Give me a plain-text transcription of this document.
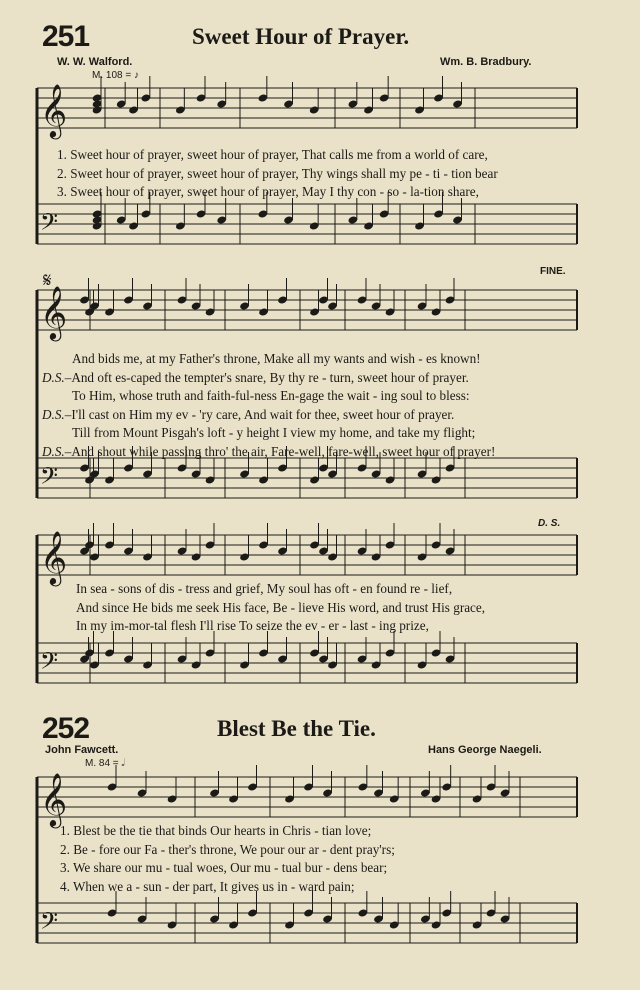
𝄞
𝄢
𝄞
𝄢
𝄞
𝄢
𝄞
𝄢
251	Sweet Hour of Prayer.
W. W. Walford.	Wm. B. Bradbury.
M. 108 = ♪
1. Sweet hour of prayer, sweet hour of prayer, That calls me from a world of care,
2. Sweet hour of prayer, sweet hour of prayer, Thy wings shall my pe - ti - tion bear
3. Sweet hour of prayer, sweet hour of prayer, May I thy con - so - la-tion share,
FINE.
𝄋
And bids me, at my Father's throne, Make all my wants and wish - es known!
D.S.–And oft es-caped the tempter's snare, By thy re - turn, sweet hour of prayer.
To Him, whose truth and faith-ful-ness En-gage the wait - ing soul to bless:
D.S.–I'll cast on Him my ev - 'ry care, And wait for thee, sweet hour of prayer.
Till from Mount Pisgah's loft - y height I view my home, and take my flight;
D.S.–And shout while passing thro' the air, Fare-well, fare-well, sweet hour of prayer!
D. S.
In sea - sons of dis - tress and grief, My soul has oft - en found re - lief,
And since He bids me seek His face, Be - lieve His word, and trust His grace,
In my im-mor-tal flesh I'll rise To seize the ev - er - last - ing prize,
252	Blest Be the Tie.
John Fawcett.	Hans George Naegeli.
M. 84 = 𝅗𝅥
1. Blest be the tie that binds Our hearts in Chris - tian love;
2. Be - fore our Fa - ther's throne, We pour our ar - dent pray'rs;
3. We share our mu - tual woes, Our mu - tual bur - dens bear;
4. When we a - sun - der part, It gives us in - ward pain;
